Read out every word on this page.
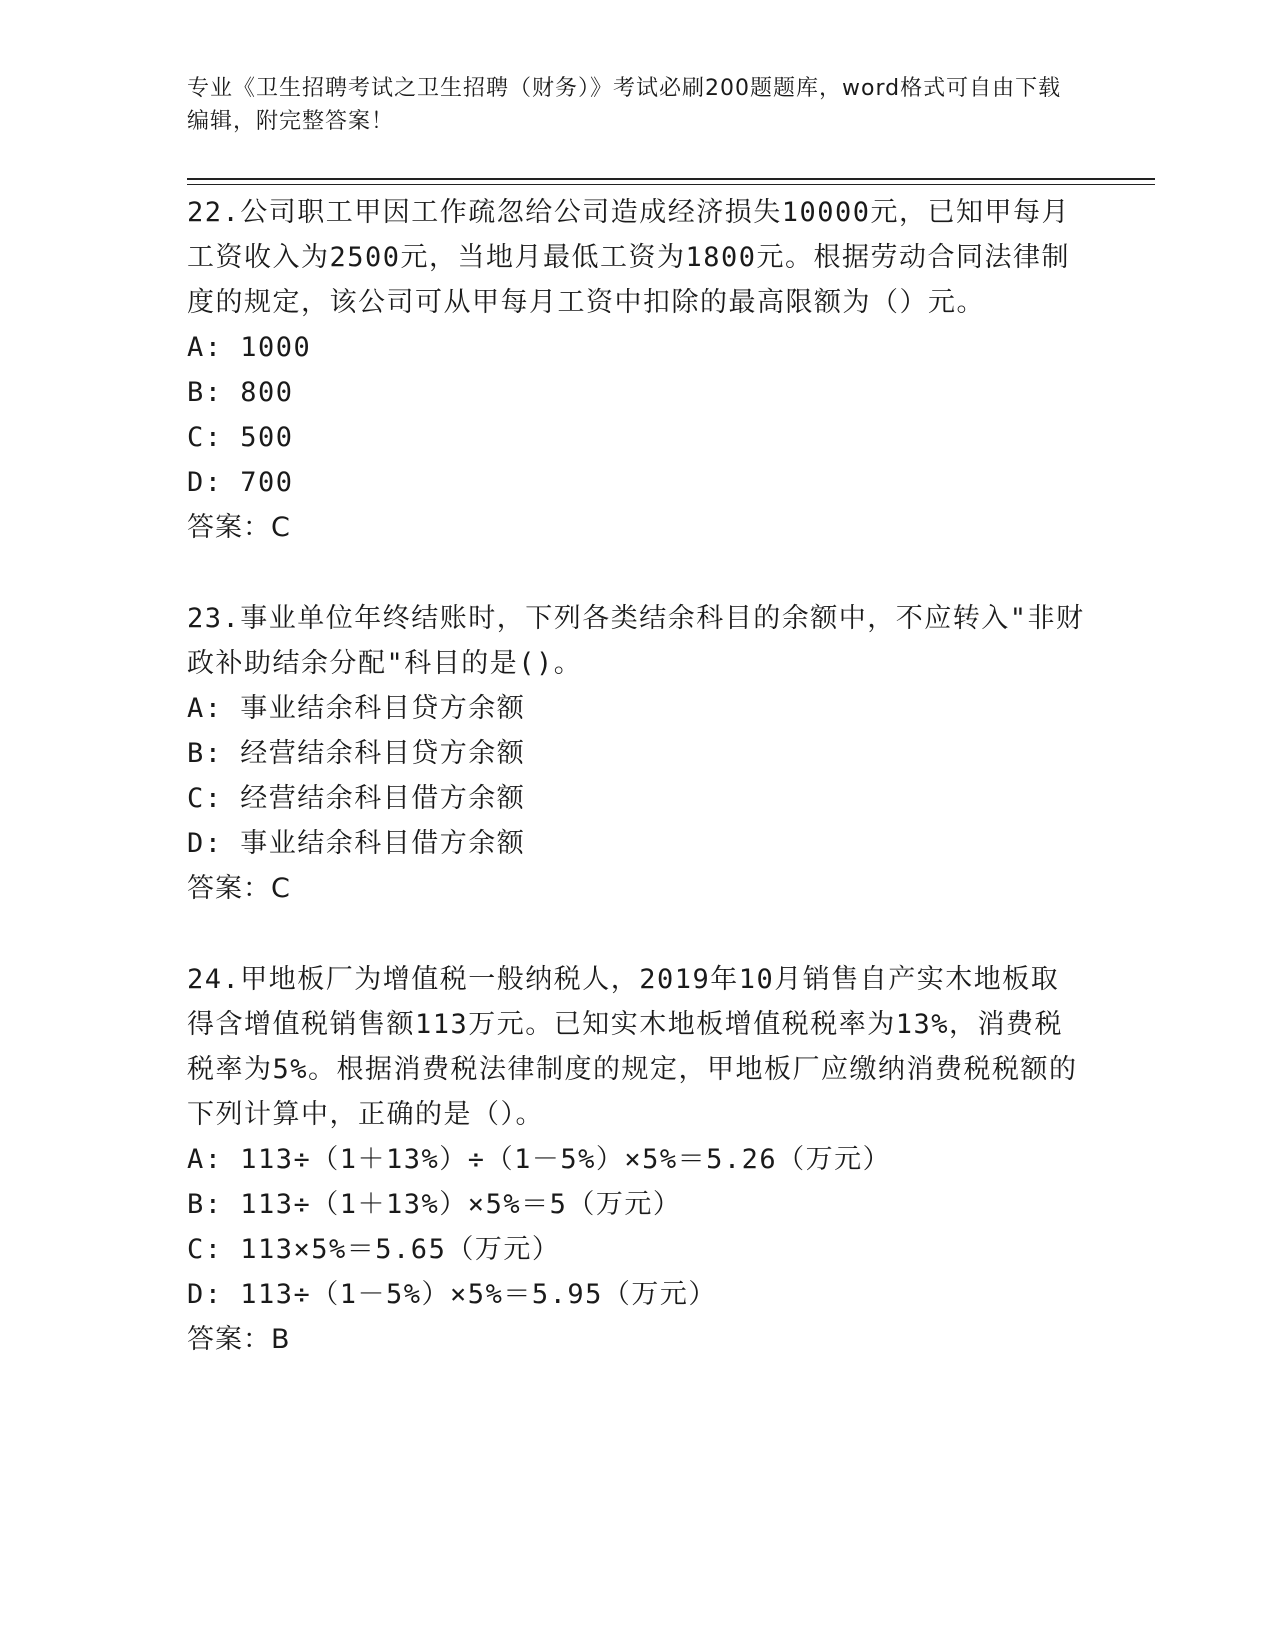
专业《卫生招聘考试之卫生招聘（财务）》考试必刷200题题库，word格式可自由下载编辑，附完整答案！

22.公司职工甲因工作疏忽给公司造成经济损失10000元，已知甲每月工资收入为2500元，当地月最低工资为1800元。根据劳动合同法律制度的规定，该公司可从甲每月工资中扣除的最高限额为（）元。

A: 1000

B: 800

C: 500

D: 700

答案：C

23.事业单位年终结账时，下列各类结余科目的余额中，不应转入"非财政补助结余分配"科目的是()。

A: 事业结余科目贷方余额

B: 经营结余科目贷方余额

C: 经营结余科目借方余额

D: 事业结余科目借方余额

答案：C

24.甲地板厂为增值税一般纳税人，2019年10月销售自产实木地板取得含增值税销售额113万元。已知实木地板增值税税率为13%，消费税税率为5%。根据消费税法律制度的规定，甲地板厂应缴纳消费税税额的下列计算中，正确的是（）。

A: 113÷（1＋13%）÷（1－5%）×5%＝5.26（万元）

B: 113÷（1＋13%）×5%＝5（万元）

C: 113×5%＝5.65（万元）

D: 113÷（1－5%）×5%＝5.95（万元）

答案：B
